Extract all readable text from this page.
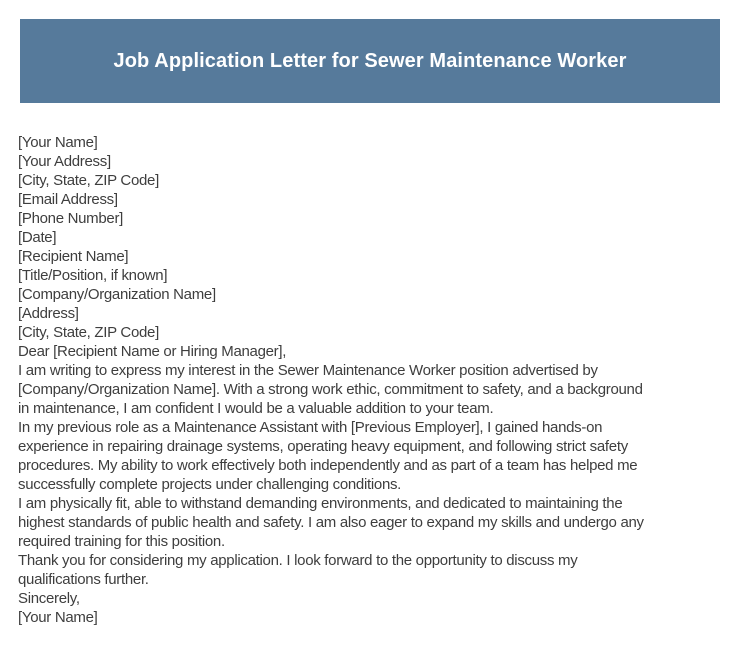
Job Application Letter for Sewer Maintenance Worker
[Your Name]
[Your Address]
[City, State, ZIP Code]
[Email Address]
[Phone Number]
[Date]
[Recipient Name]
[Title/Position, if known]
[Company/Organization Name]
[Address]
[City, State, ZIP Code]
Dear [Recipient Name or Hiring Manager],
I am writing to express my interest in the Sewer Maintenance Worker position advertised by
[Company/Organization Name]. With a strong work ethic, commitment to safety, and a background
in maintenance, I am confident I would be a valuable addition to your team.
In my previous role as a Maintenance Assistant with [Previous Employer], I gained hands-on
experience in repairing drainage systems, operating heavy equipment, and following strict safety
procedures. My ability to work effectively both independently and as part of a team has helped me
successfully complete projects under challenging conditions.
I am physically fit, able to withstand demanding environments, and dedicated to maintaining the
highest standards of public health and safety. I am also eager to expand my skills and undergo any
required training for this position.
Thank you for considering my application. I look forward to the opportunity to discuss my
qualifications further.
Sincerely,
[Your Name]
